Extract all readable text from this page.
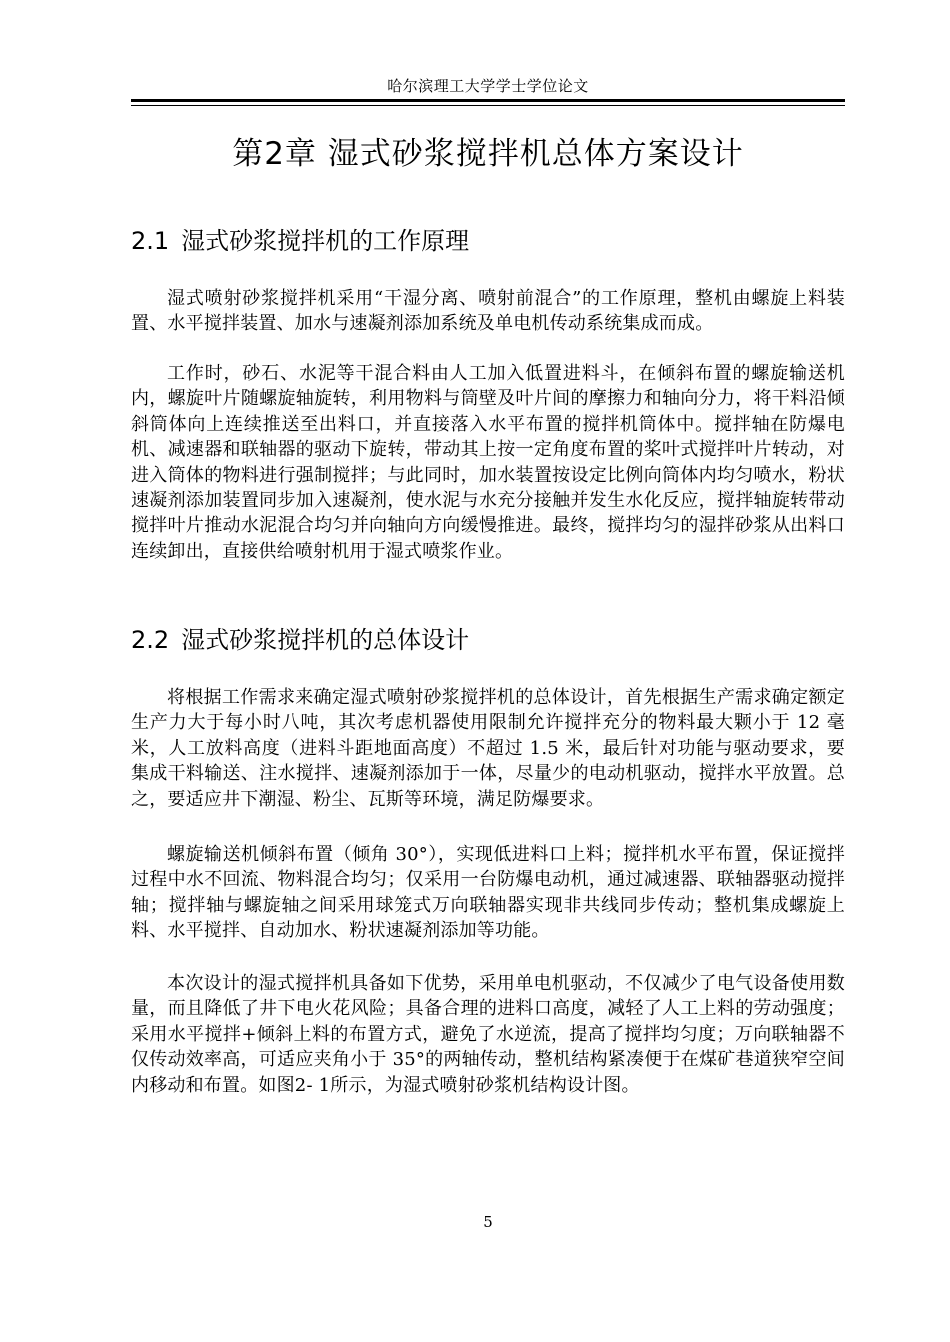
哈尔滨理工大学学士学位论文
第2章 湿式砂浆搅拌机总体方案设计
2.1 湿式砂浆搅拌机的工作原理
湿式喷射砂浆搅拌机采用“干湿分离、喷射前混合”的工作原理，整机由螺旋上料装置、水平搅拌装置、加水与速凝剂添加系统及单电机传动系统集成而成。
工作时，砂石、水泥等干混合料由人工加入低置进料斗，在倾斜布置的螺旋输送机内，螺旋叶片随螺旋轴旋转，利用物料与筒壁及叶片间的摩擦力和轴向分力，将干料沿倾斜筒体向上连续推送至出料口，并直接落入水平布置的搅拌机筒体中。搅拌轴在防爆电机、减速器和联轴器的驱动下旋转，带动其上按一定角度布置的桨叶式搅拌叶片转动，对进入筒体的物料进行强制搅拌；与此同时，加水装置按设定比例向筒体内均匀喷水，粉状速凝剂添加装置同步加入速凝剂，使水泥与水充分接触并发生水化反应，搅拌轴旋转带动搅拌叶片推动水泥混合均匀并向轴向方向缓慢推进。最终，搅拌均匀的湿拌砂浆从出料口连续卸出，直接供给喷射机用于湿式喷浆作业。
2.2 湿式砂浆搅拌机的总体设计
将根据工作需求来确定湿式喷射砂浆搅拌机的总体设计，首先根据生产需求确定额定生产力大于每小时八吨，其次考虑机器使用限制允许搅拌充分的物料最大颗小于 12 毫米，人工放料高度（进料斗距地面高度）不超过 1.5 米，最后针对功能与驱动要求，要集成干料输送、注水搅拌、速凝剂添加于一体，尽量少的电动机驱动，搅拌水平放置。总之，要适应井下潮湿、粉尘、瓦斯等环境，满足防爆要求。
螺旋输送机倾斜布置（倾角 30°），实现低进料口上料；搅拌机水平布置，保证搅拌过程中水不回流、物料混合均匀；仅采用一台防爆电动机，通过减速器、联轴器驱动搅拌轴；搅拌轴与螺旋轴之间采用球笼式万向联轴器实现非共线同步传动；整机集成螺旋上料、水平搅拌、自动加水、粉状速凝剂添加等功能。
本次设计的湿式搅拌机具备如下优势，采用单电机驱动，不仅减少了电气设备使用数量，而且降低了井下电火花风险；具备合理的进料口高度，减轻了人工上料的劳动强度；采用水平搅拌+倾斜上料的布置方式，避免了水逆流，提高了搅拌均匀度；万向联轴器不仅传动效率高，可适应夹角小于 35°的两轴传动，整机结构紧凑便于在煤矿巷道狭窄空间内移动和布置。如图2- 1所示，为湿式喷射砂浆机结构设计图。
5
